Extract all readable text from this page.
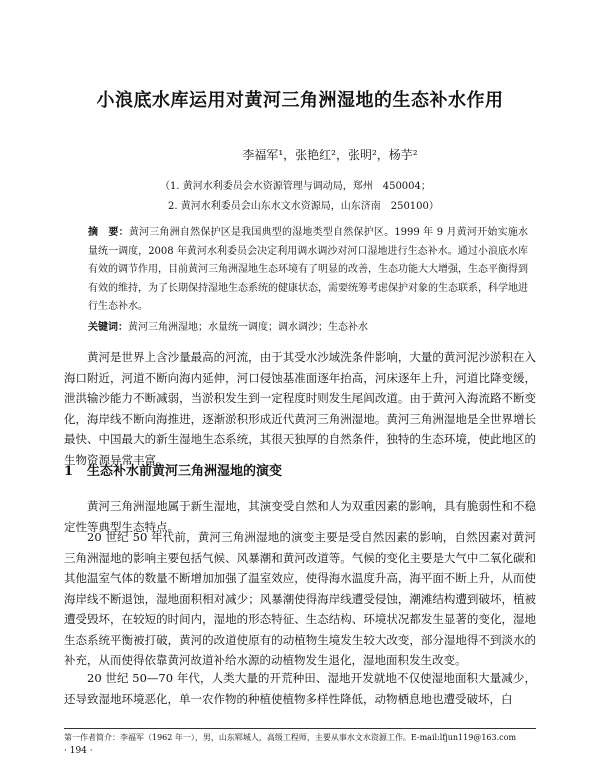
小浪底水库运用对黄河三角洲湿地的生态补水作用
李福军¹，张艳红²，张明²，杨芋²
（1. 黄河水利委员会水资源管理与调动局，郑州　450004；
2. 黄河水利委员会山东水文水资源局，山东济南　250100）
摘　要：黄河三角洲自然保护区是我国典型的湿地类型自然保护区。1999 年 9 月黄河开始实施水量统一调度，2008 年黄河水利委员会决定利用调水调沙对河口湿地进行生态补水。通过小浪底水库有效的调节作用，目前黄河三角洲湿地生态环境有了明显的改善，生态功能大大增强，生态平衡得到有效的维持，为了长期保持湿地生态系统的健康状态，需要统筹考虑保护对象的生态联系，科学地进行生态补水。
关键词：黄河三角洲湿地；水量统一调度；调水调沙；生态补水
黄河是世界上含沙量最高的河流，由于其受水沙域洗条件影响，大量的黄河泥沙淤积在入海口附近，河道不断向海内延伸，河口侵蚀基准面逐年抬高，河床逐年上升，河道比降变缓，泄洪输沙能力不断减弱，当淤积发生到一定程度时则发生尾闾改道。由于黄河入海流路不断变化，海岸线不断向海推进，逐渐淤积形成近代黄河三角洲湿地。黄河三角洲湿地是全世界增长最快、中国最大的新生湿地生态系统，其很天独厚的自然条件，独特的生态环境，使此地区的生物资源异常丰富。
1 生态补水前黄河三角洲湿地的演变
黄河三角洲湿地属于新生湿地，其演变受自然和人为双重因素的影响，具有脆弱性和不稳定性等典型生态特点。
20 世纪 50 年代前，黄河三角洲湿地的演变主要是受自然因素的影响，自然因素对黄河三角洲湿地的影响主要包括气候、风暴潮和黄河改道等。气候的变化主要是大气中二氧化碳和其他温室气体的数量不断增加加强了温室效应，使得海水温度升高，海平面不断上升，从而使海岸线不断退蚀，湿地面积相对减少；风暴潮使得海岸线遭受侵蚀，潮滩结构遭到破坏，植被遭受毁坏，在较短的时间内，湿地的形态特征、生态结构、环境状况都发生显著的变化，湿地生态系统平衡被打破，黄河的改道使原有的动植物生境发生较大改变，部分湿地得不到淡水的补充，从而使得依靠黄河故道补给水源的动植物发生退化，湿地面积发生改变。
20 世纪 50—70 年代，人类大量的开荒种田、湿地开发就地不仅使湿地面积大量减少，还导致湿地环境恶化，单一农作物的种植使植物多样性降低，动物栖息地也遭受破坏，白
第一作者简介：李福军（1962 年一），男，山东郓城人，高级工程师，主要从事水文水资源工作。E-mail:lfjun119@163.com
· 194 ·
